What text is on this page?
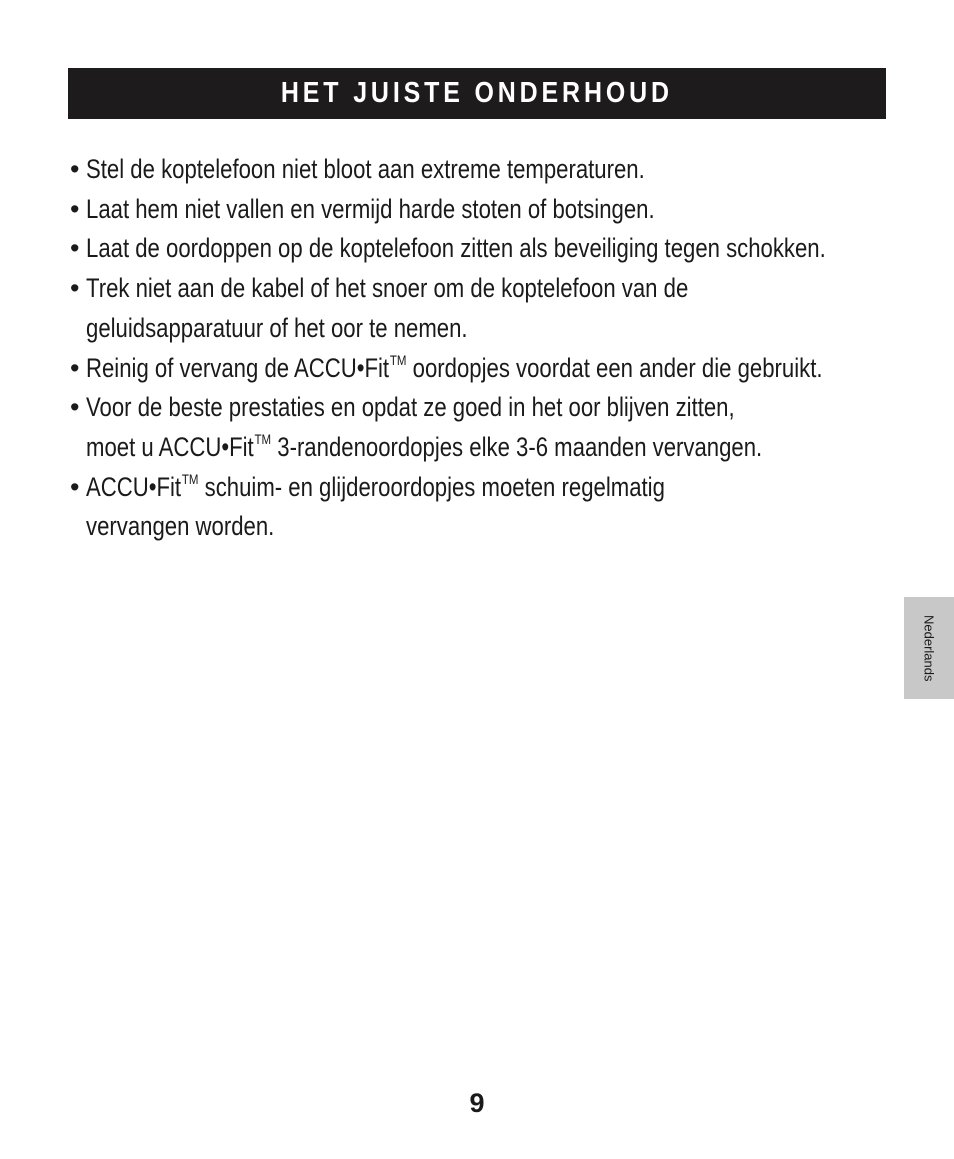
HET JUISTE ONDERHOUD
• Stel de koptelefoon niet bloot aan extreme temperaturen.
• Laat hem niet vallen en vermijd harde stoten of botsingen.
• Laat de oordoppen op de koptelefoon zitten als beveiliging tegen schokken.
• Trek niet aan de kabel of het snoer om de koptelefoon van de
geluidsapparatuur of het oor te nemen.
• Reinig of vervang de ACCU•Fit™ oordopjes voordat een ander die gebruikt.
• Voor de beste prestaties en opdat ze goed in het oor blijven zitten,
moet u ACCU•Fit™ 3-randenoordopjes elke 3-6 maanden vervangen.
• ACCU•Fit™ schuim- en glijderoordopjes moeten regelmatig
vervangen worden.
Nederlands
9
